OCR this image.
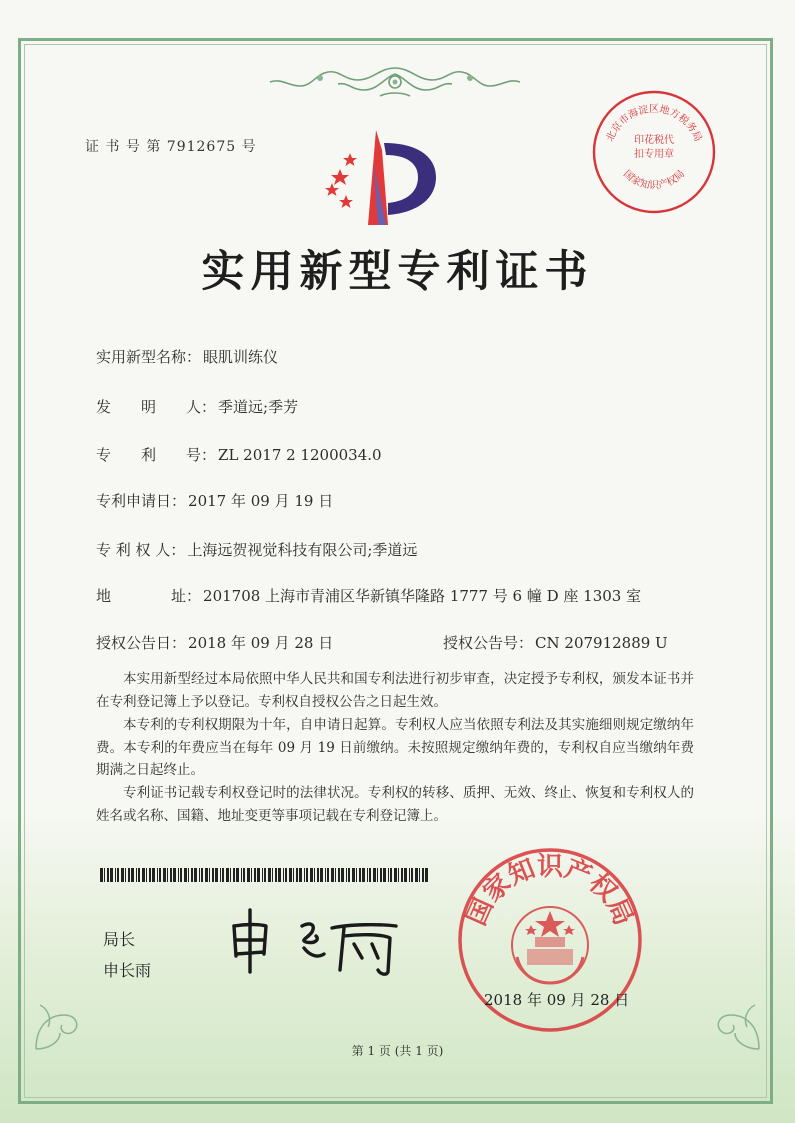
证 书 号 第 7912675 号
北京市海淀区地方税务局
国家知识产权局
印花税代扣专用章
实用新型专利证书
实用新型名称： 眼肌训练仪
发　　明　　人： 季道远;季芳
专　　利　　号： ZL 2017 2 1200034.0
专利申请日： 2017 年 09 月 19 日
专 利 权 人： 上海远贺视觉科技有限公司;季道远
地　　　　址： 201708 上海市青浦区华新镇华隆路 1777 号 6 幢 D 座 1303 室
授权公告日： 2018 年 09 月 28 日	授权公告号： CN 207912889 U
本实用新型经过本局依照中华人民共和国专利法进行初步审查，决定授予专利权，颁发本证书并在专利登记簿上予以登记。专利权自授权公告之日起生效。
本专利的专利权期限为十年，自申请日起算。专利权人应当依照专利法及其实施细则规定缴纳年费。本专利的年费应当在每年 09 月 19 日前缴纳。未按照规定缴纳年费的，专利权自应当缴纳年费期满之日起终止。
专利证书记载专利权登记时的法律状况。专利权的转移、质押、无效、终止、恢复和专利权人的姓名或名称、国籍、地址变更等事项记载在专利登记簿上。
局长
申长雨
国家知识产权局
2018 年 09 月 28 日
第 1 页 (共 1 页)
